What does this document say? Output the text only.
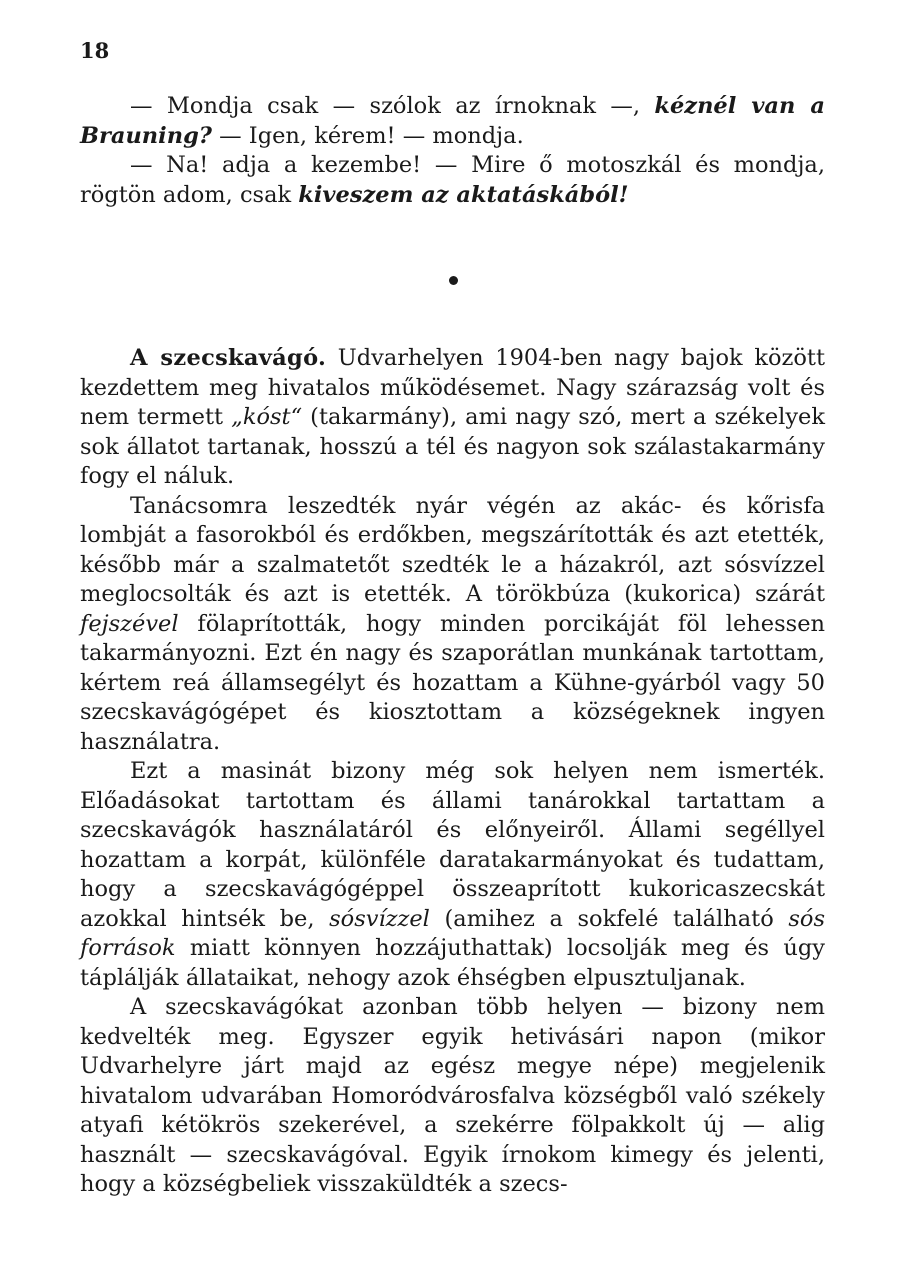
18

— Mondja csak — szólok az írnoknak —, kéznél van a Brauning? — Igen, kérem! — mondja.

— Na! adja a kezembe! — Mire ő motoszkál és mondja, rögtön adom, csak kiveszem az aktatáskából!

A szecskavágó. Udvarhelyen 1904-ben nagy bajok között kezdettem meg hivatalos működésemet. Nagy szárazság volt és nem termett „kóst“ (takarmány), ami nagy szó, mert a székelyek sok állatot tartanak, hosszú a tél és nagyon sok szálastakarmány fogy el náluk.

Tanácsomra leszedték nyár végén az akác- és kőrisfa lombját a fasorokból és erdőkben, megszárították és azt etették, később már a szalmatetőt szedték le a házakról, azt sósvízzel meglocsolták és azt is etették. A törökbúza (kukorica) szárát fejszével fölaprították, hogy minden porcikáját föl lehessen takarmányozni. Ezt én nagy és szaporátlan munkának tartottam, kértem reá államsegélyt és hozattam a Kühne-gyárból vagy 50 szecskavágógépet és kiosztottam a községeknek ingyen használatra.

Ezt a masinát bizony még sok helyen nem ismerték. Előadásokat tartottam és állami tanárokkal tartattam a szecskavágók használatáról és előnyeiről. Állami segéllyel hozattam a korpát, különféle daratakarmányokat és tudattam, hogy a szecskavágógéppel összeaprított kukoricaszecskát azokkal hintsék be, sósvízzel (amihez a sokfelé található sós források miatt könnyen hozzájuthattak) locsolják meg és úgy táplálják állataikat, nehogy azok éhségben elpusztuljanak.

A szecskavágókat azonban több helyen — bizony nem kedvelték meg. Egyszer egyik hetivásári napon (mikor Udvarhelyre járt majd az egész megye népe) megjelenik hivatalom udvarában Homoródvárosfalva községből való székely atyafi kétökrös szekerével, a szekérre fölpakkolt új — alig használt — szecskavágóval. Egyik írnokom kimegy és jelenti, hogy a községbeliek visszaküldték a szecs-
